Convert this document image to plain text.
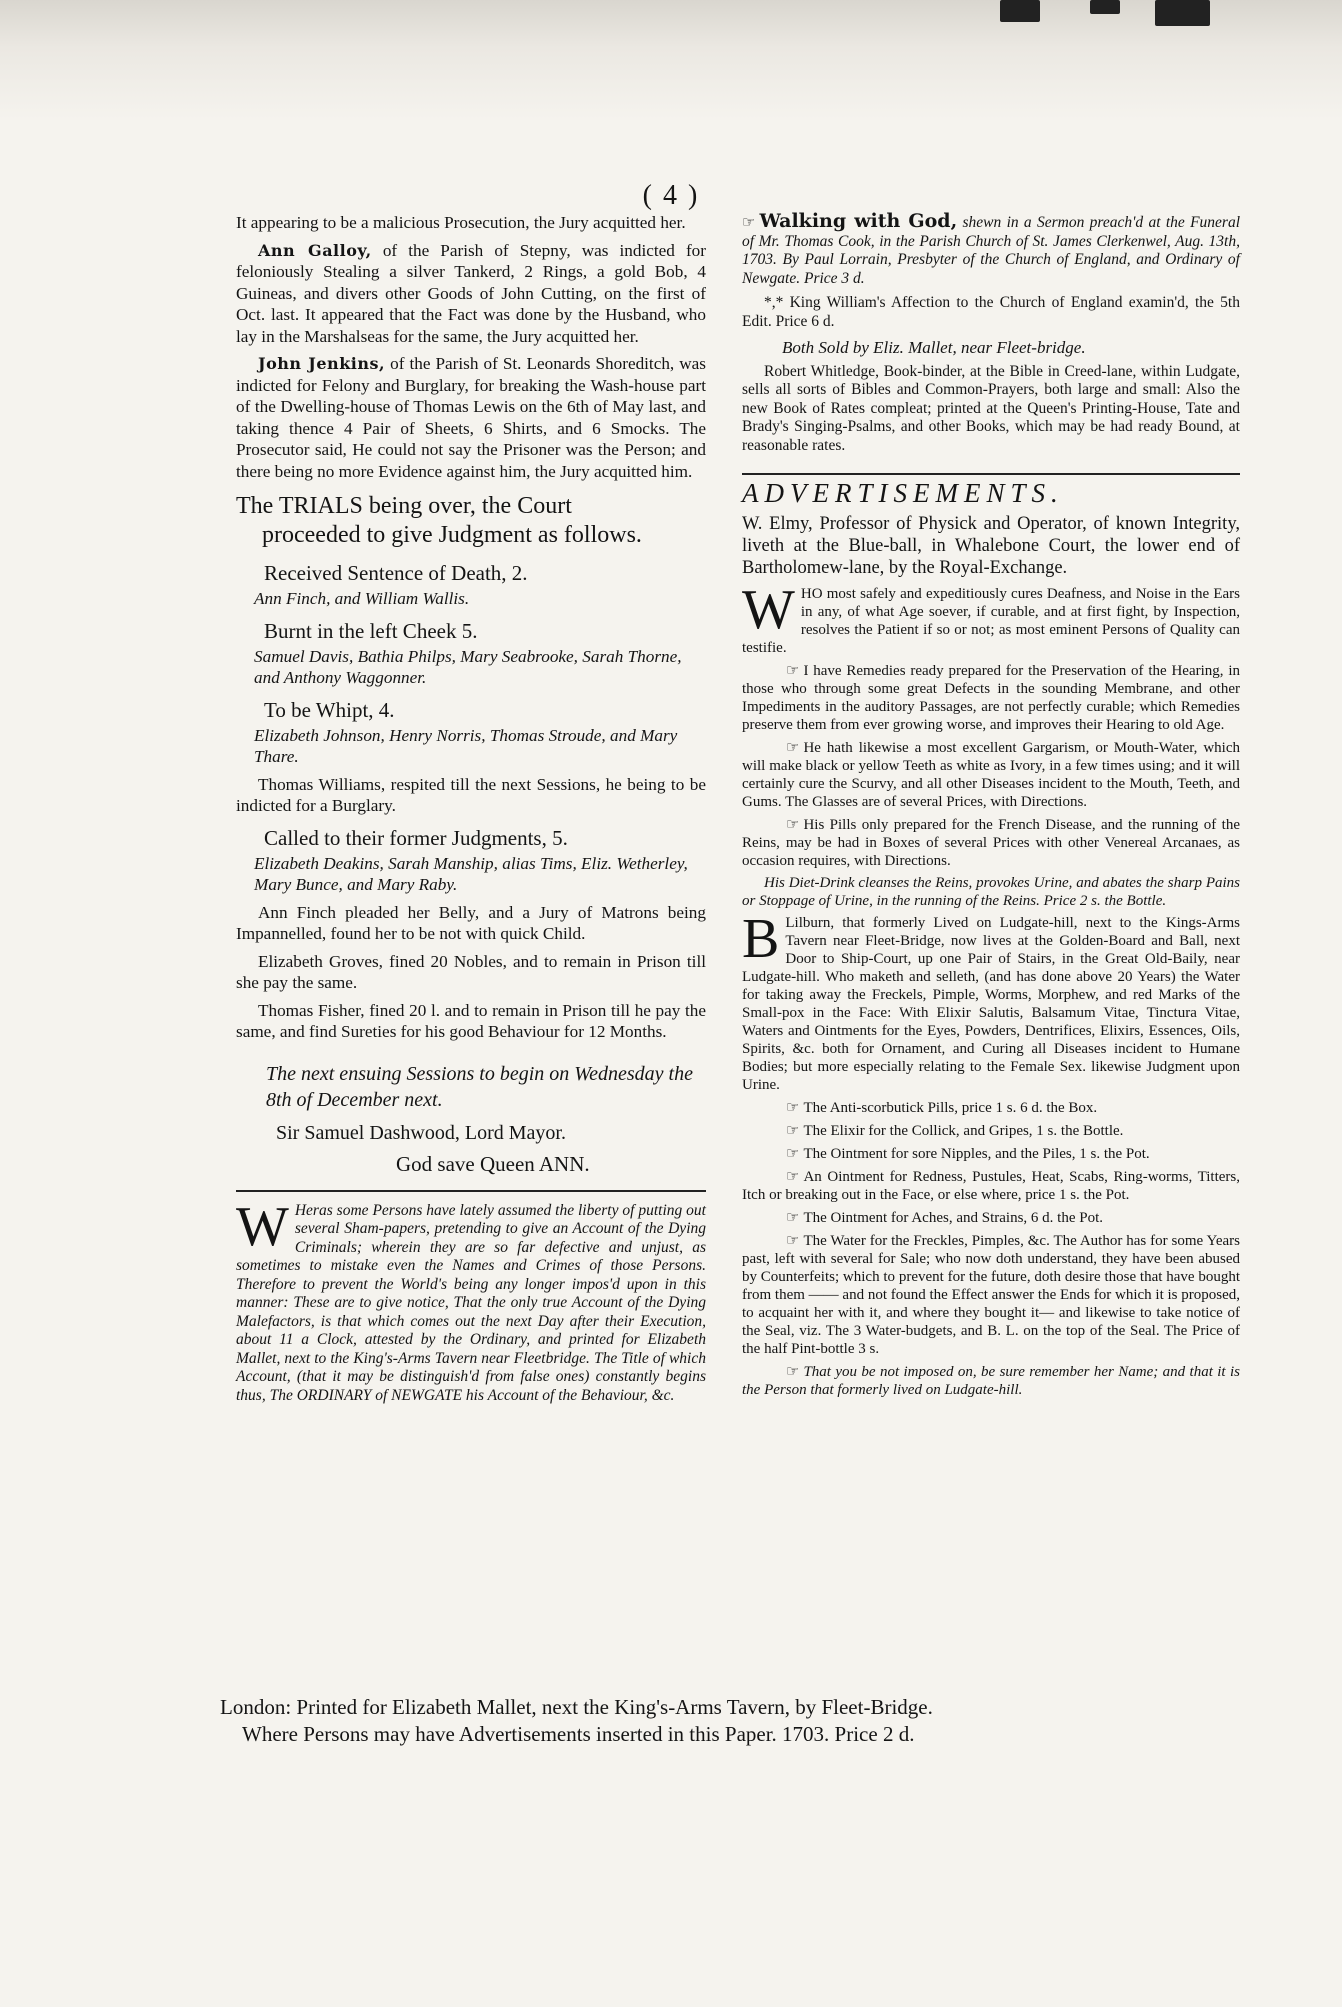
( 4 )

It appearing to be a malicious Prosecution, the Jury acquitted her.

Ann Galloy, of the Parish of Stepny, was indicted for feloniously Stealing a silver Tankerd, 2 Rings, a gold Bob, 4 Guineas, and divers other Goods of John Cutting, on the first of Oct. last. It appeared that the Fact was done by the Husband, who lay in the Marshalseas for the same, the Jury acquitted her.

John Jenkins, of the Parish of St. Leonards Shoreditch, was indicted for Felony and Burglary, for breaking the Wash-house part of the Dwelling-house of Thomas Lewis on the 6th of May last, and taking thence 4 Pair of Sheets, 6 Shirts, and 6 Smocks. The Prosecutor said, He could not say the Prisoner was the Person; and there being no more Evidence against him, the Jury acquitted him.

The TRIALS being over, the Court
proceeded to give Judgment as follows.
Received Sentence of Death, 2.
Ann Finch, and William Wallis.
Burnt in the left Cheek 5.
Samuel Davis, Bathia Philps, Mary Seabrooke, Sarah Thorne, and Anthony Waggonner.
To be Whipt, 4.
Elizabeth Johnson, Henry Norris, Thomas Stroude, and Mary Thare.

Thomas Williams, respited till the next Sessions, he being to be indicted for a Burglary.

Called to their former Judgments, 5.
Elizabeth Deakins, Sarah Manship, alias Tims, Eliz. Wetherley, Mary Bunce, and Mary Raby.

Ann Finch pleaded her Belly, and a Jury of Matrons being Impannelled, found her to be not with quick Child.

Elizabeth Groves, fined 20 Nobles, and to remain in Prison till she pay the same.

Thomas Fisher, fined 20 l. and to remain in Prison till he pay the same, and find Sureties for his good Behaviour for 12 Months.

The next ensuing Sessions to begin on Wednesday the 8th of December next.
Sir Samuel Dashwood, Lord Mayor.
God save Queen ANN.
W Heras some Persons have lately assumed the liberty of putting out several Sham-papers, pretending to give an Account of the Dying Criminals; wherein they are so far defective and unjust, as sometimes to mistake even the Names and Crimes of those Persons. Therefore to prevent the World's being any longer impos'd upon in this manner: These are to give notice, That the only true Account of the Dying Malefactors, is that which comes out the next Day after their Execution, about 11 a Clock, attested by the Ordinary, and printed for Elizabeth Mallet, next to the King's-Arms Tavern near Fleetbridge. The Title of which Account, (that it may be distinguish'd from false ones) constantly begins thus, The ORDINARY of NEWGATE his Account of the Behaviour, &c.

☞ Walking with God, shewn in a Sermon preach'd at the Funeral of Mr. Thomas Cook, in the Parish Church of St. James Clerkenwel, Aug. 13th, 1703. By Paul Lorrain, Presbyter of the Church of England, and Ordinary of Newgate. Price 3 d.

*,* King William's Affection to the Church of England examin'd, the 5th Edit. Price 6 d.

Both Sold by Eliz. Mallet, near Fleet-bridge.

Robert Whitledge, Book-binder, at the Bible in Creed-lane, within Ludgate, sells all sorts of Bibles and Common-Prayers, both large and small: Also the new Book of Rates compleat; printed at the Queen's Printing-House, Tate and Brady's Singing-Psalms, and other Books, which may be had ready Bound, at reasonable rates.

ADVERTISEMENTS.

W. Elmy, Professor of Physick and Operator, of known Integrity, liveth at the Blue-ball, in Whalebone Court, the lower end of Bartholomew-lane, by the Royal-Exchange.

WHO most safely and expeditiously cures Deafness, and Noise in the Ears in any, of what Age soever, if curable, and at first fight, by Inspection, resolves the Patient if so or not; as most eminent Persons of Quality can testifie.

☞ I have Remedies ready prepared for the Preservation of the Hearing, in those who through some great Defects in the sounding Membrane, and other Impediments in the auditory Passages, are not perfectly curable; which Remedies preserve them from ever growing worse, and improves their Hearing to old Age.

☞ He hath likewise a most excellent Gargarism, or Mouth-Water, which will make black or yellow Teeth as white as Ivory, in a few times using; and it will certainly cure the Scurvy, and all other Diseases incident to the Mouth, Teeth, and Gums. The Glasses are of several Prices, with Directions.

☞ His Pills only prepared for the French Disease, and the running of the Reins, may be had in Boxes of several Prices with other Venereal Arcanaes, as occasion requires, with Directions.

His Diet-Drink cleanses the Reins, provokes Urine, and abates the sharp Pains or Stoppage of Urine, in the running of the Reins. Price 2 s. the Bottle.

B Lilburn, that formerly Lived on Ludgate-hill, next to the Kings-Arms Tavern near Fleet-Bridge, now lives at the Golden-Board and Ball, next Door to Ship-Court, up one Pair of Stairs, in the Great Old-Baily, near Ludgate-hill. Who maketh and selleth, (and has done above 20 Years) the Water for taking away the Freckels, Pimple, Worms, Morphew, and red Marks of the Small-pox in the Face: With Elixir Salutis, Balsamum Vitae, Tinctura Vitae, Waters and Ointments for the Eyes, Powders, Dentrifices, Elixirs, Essences, Oils, Spirits, &c. both for Ornament, and Curing all Diseases incident to Humane Bodies; but more especially relating to the Female Sex. likewise Judgment upon Urine.

☞ The Anti-scorbutick Pills, price 1 s. 6 d. the Box.

☞ The Elixir for the Collick, and Gripes, 1 s. the Bottle.

☞ The Ointment for sore Nipples, and the Piles, 1 s. the Pot.

☞ An Ointment for Redness, Pustules, Heat, Scabs, Ring-worms, Titters, Itch or breaking out in the Face, or else where, price 1 s. the Pot.

☞ The Ointment for Aches, and Strains, 6 d. the Pot.

☞ The Water for the Freckles, Pimples, &c. The Author has for some Years past, left with several for Sale; who now doth understand, they have been abused by Counterfeits; which to prevent for the future, doth desire those that have bought from them —— and not found the Effect answer the Ends for which it is proposed, to acquaint her with it, and where they bought it— and likewise to take notice of the Seal, viz. The 3 Water-budgets, and B. L. on the top of the Seal. The Price of the half Pint-bottle 3 s.

☞ That you be not imposed on, be sure remember her Name; and that it is the Person that formerly lived on Ludgate-hill.

London: Printed for Elizabeth Mallet, next the King's-Arms Tavern, by Fleet-Bridge.
Where Persons may have Advertisements inserted in this Paper. 1703. Price 2 d.
